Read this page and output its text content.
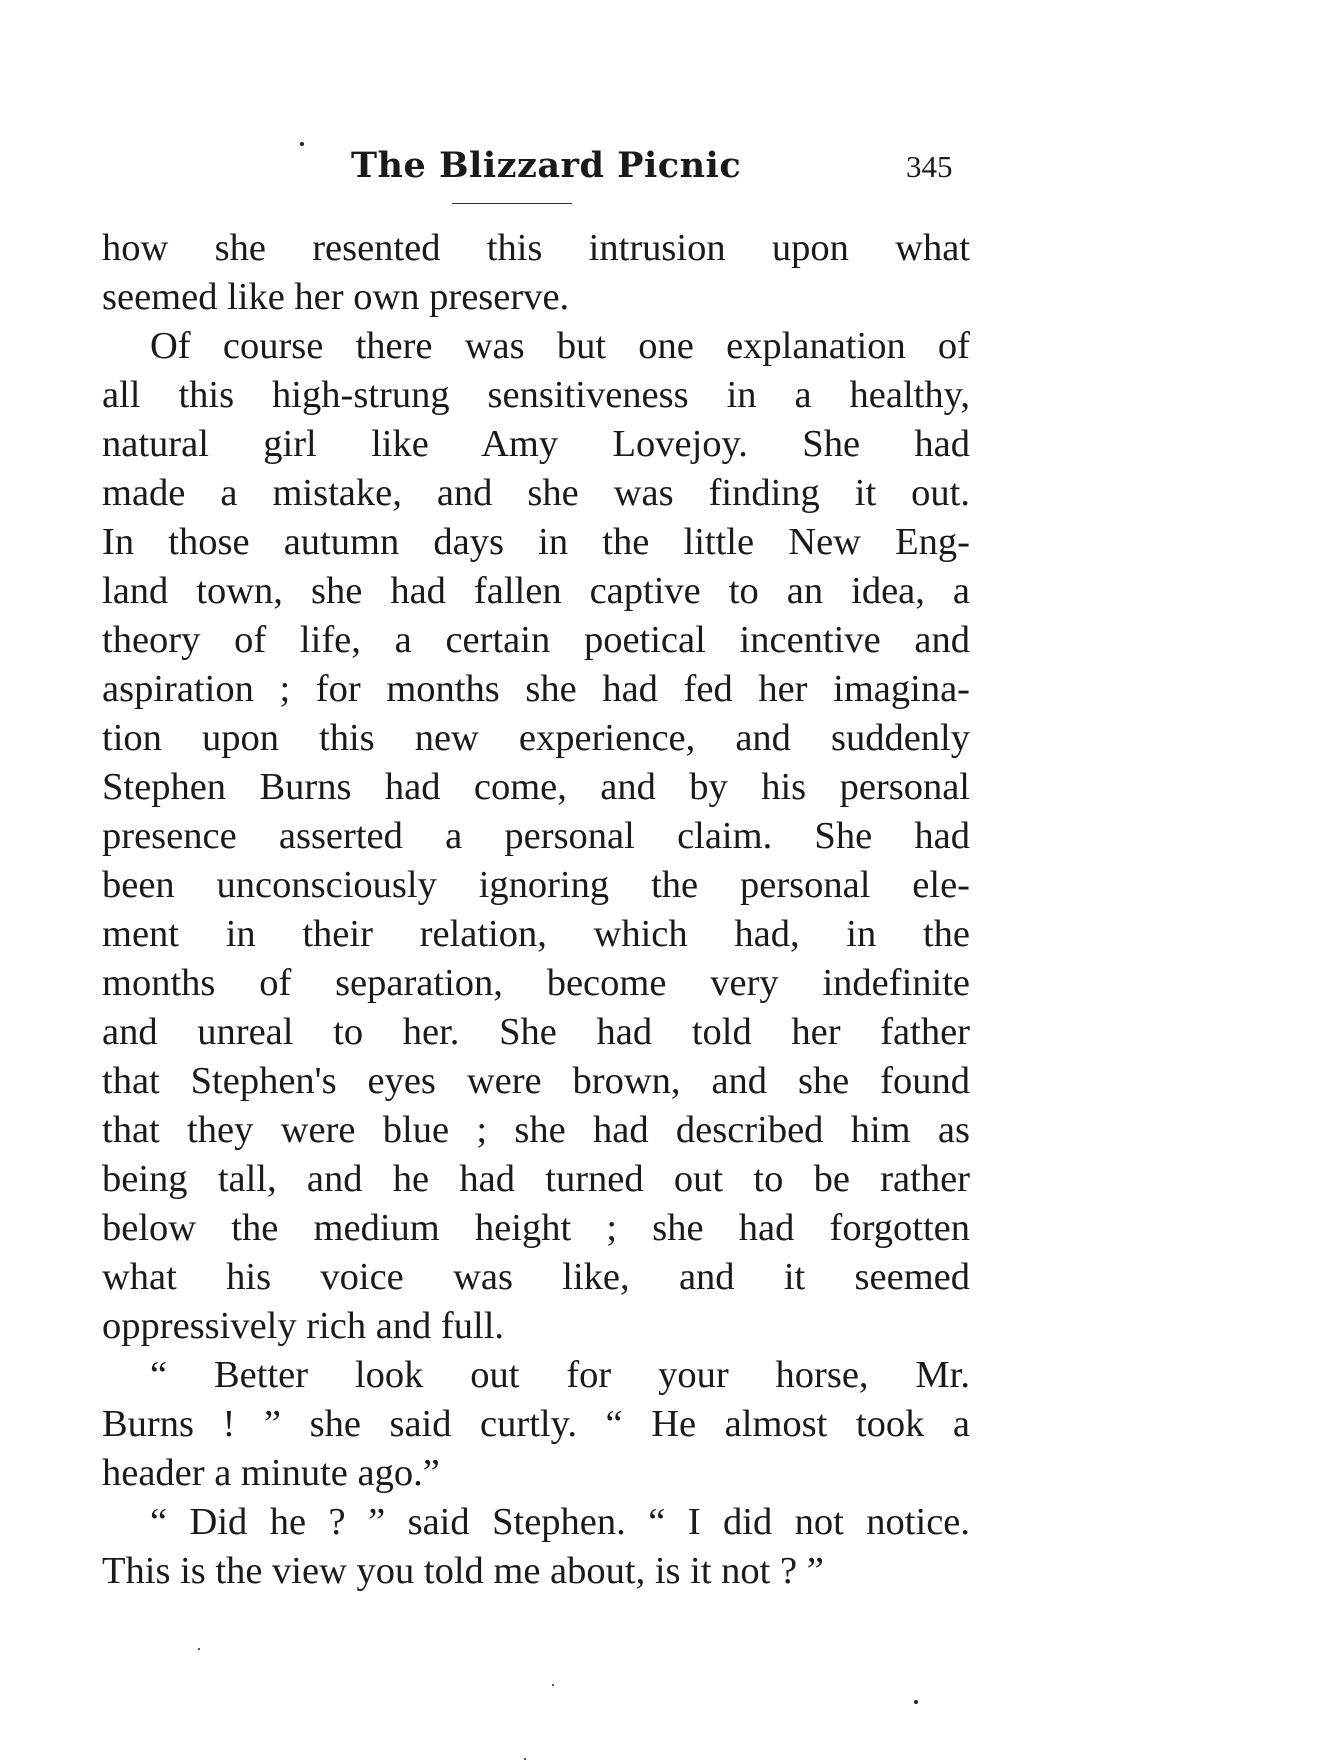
The Blizzard Picnic	345
how she resented this intrusion upon what
seemed like her own preserve.
Of course there was but one explanation of
all this high-strung sensitiveness in a healthy,
natural girl like Amy Lovejoy. She had
made a mistake, and she was finding it out.
In those autumn days in the little New Eng-
land town, she had fallen captive to an idea, a
theory of life, a certain poetical incentive and
aspiration ; for months she had fed her imagina-
tion upon this new experience, and suddenly
Stephen Burns had come, and by his personal
presence asserted a personal claim. She had
been unconsciously ignoring the personal ele-
ment in their relation, which had, in the
months of separation, become very indefinite
and unreal to her. She had told her father
that Stephen's eyes were brown, and she found
that they were blue ; she had described him as
being tall, and he had turned out to be rather
below the medium height ; she had forgotten
what his voice was like, and it seemed
oppressively rich and full.
“ Better look out for your horse, Mr.
Burns ! ” she said curtly. “ He almost took a
header a minute ago.”
“ Did he ? ” said Stephen. “ I did not notice.
This is the view you told me about, is it not ? ”
